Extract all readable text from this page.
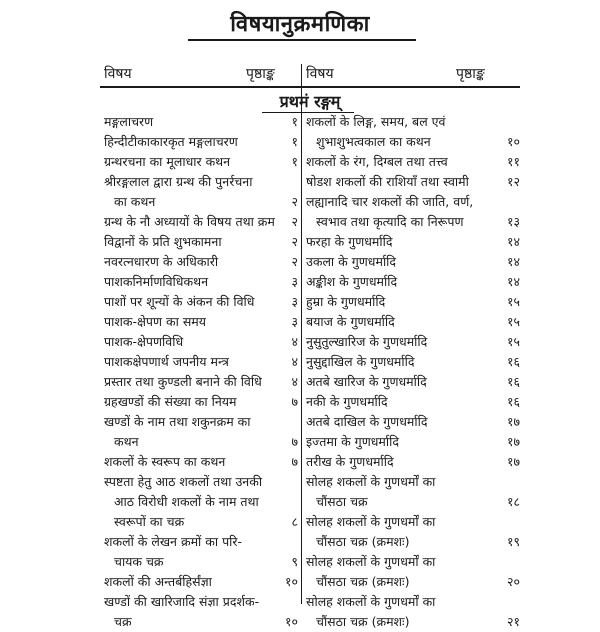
विषयानुक्रमणिका
विषय	पृष्ठाङ्क विषय	पृष्ठाङ्क
प्रथमं रङ्गम्
मङ्गलाचरण	१
हिन्दीटीकाकारकृत मङ्गलाचरण	१
ग्रन्थरचना का मूलाधार कथन	१
श्रीरङ्गलाल द्वारा ग्रन्थ की पुनर्रचना
का कथन	२
ग्रन्थ के नौ अध्यायों के विषय तथा क्रम	२
विद्वानों के प्रति शुभकामना	२
नवरत्नधारण के अधिकारी	२
पाशकनिर्माणविधिकथन	३
पाशों पर शून्यों के अंकन की विधि	३
पाशक-क्षेपण का समय	३
पाशक-क्षेपणविधि	४
पाशकक्षेपणार्थ जपनीय मन्त्र	४
प्रस्तार तथा कुण्डली बनाने की विधि	४
ग्रहखण्डों की संख्या का नियम	७
खण्डों के नाम तथा शकुनक्रम का
कथन	७
शकलों के स्वरूप का कथन	७
स्पष्टता हेतु आठ शकलों तथा उनकी
आठ विरोधी शकलों के नाम तथा
स्वरूपों का चक्र	८
शकलों के लेखन क्रमों का परि-
चायक चक्र	९
शकलों की अन्तर्बहिर्संज्ञा	१०
खण्डों की खारिजादि संज्ञा प्रदर्शक-
चक्र	१०
शकलों के लिङ्ग, समय, बल एवं
शुभाशुभत्वकाल का कथन	१०
शकलों के रंग, दिग्बल तथा तत्त्व	११
षोडश शकलों की राशियाँ तथा स्वामी	१२
लह्यानादि चार शकलों की जाति, वर्ण,
स्वभाव तथा कृत्यादि का निरूपण	१३
फरहा के गुणधर्मादि	१४
उकला के गुणधर्मादि	१४
अङ्कीश के गुणधर्मादि	१४
हुम्रा के गुणधर्मादि	१५
बयाज के गुणधर्मादि	१५
नुसुतुल्खारिज के गुणधर्मादि	१५
नुसुद्दाखिल के गुणधर्मादि	१६
अतबे खारिज के गुणधर्मादि	१६
नकी के गुणधर्मादि	१६
अतबे दाखिल के गुणधर्मादि	१७
इज्तमा के गुणधर्मादि	१७
तरीख के गुणधर्मादि	१७
सोलह शकलों के गुणधर्मों का
चौंसठा चक्र	१८
सोलह शकलों के गुणधर्मों का
चौंसठा चक्र (क्रमशः)	१९
सोलह शकलों के गुणधर्मों का
चौंसठा चक्र (क्रमशः)	२०
सोलह शकलों के गुणधर्मों का
चौंसठा चक्र (क्रमशः)	२१
